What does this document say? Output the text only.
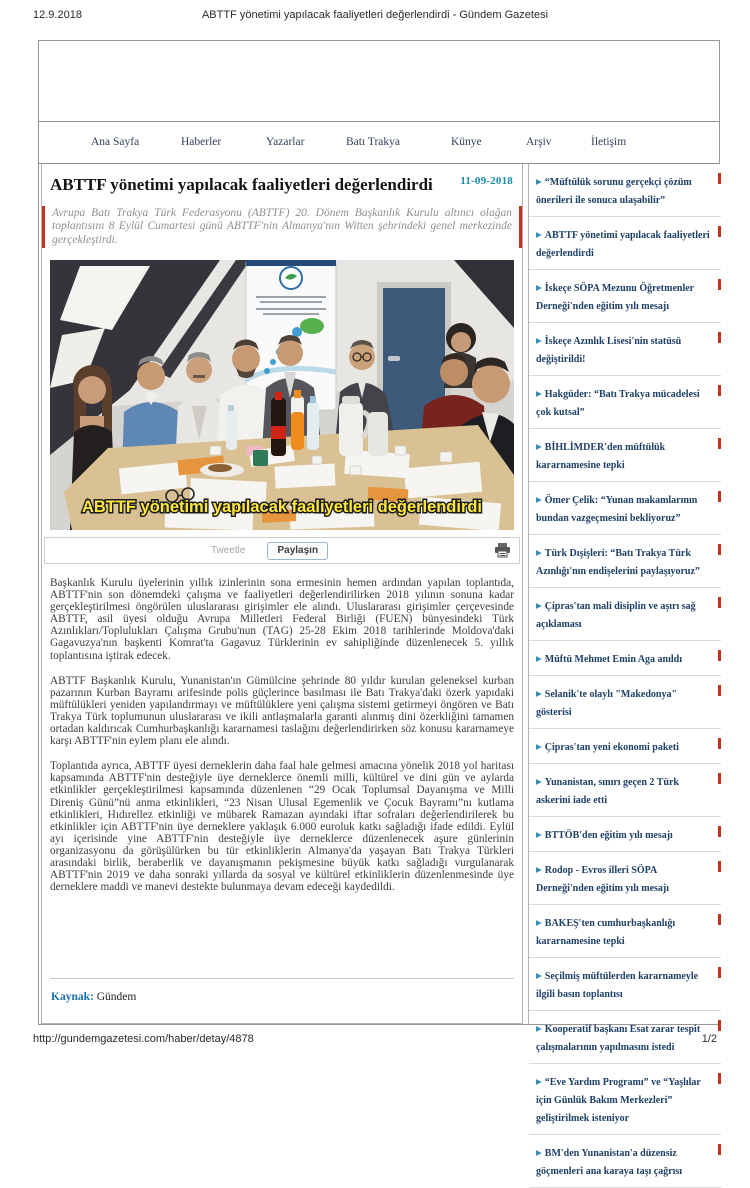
12.9.2018	ABTTF yönetimi yapılacak faaliyetleri değerlendirdi - Gündem Gazetesi
Ana Sayfa	Haberler	Yazarlar	Batı Trakya	Künye	Arşiv	İletişim
11-09-2018
ABTTF yönetimi yapılacak faaliyetleri değerlendirdi
Avrupa Batı Trakya Türk Federasyonu (ABTTF) 20. Dönem Başkanlık Kurulu altıncı olağan toplantısını 8 Eylül Cumartesi günü ABTTF'nin Almanya'nın Witten şehrindeki genel merkezinde gerçekleştirdi.
ABTTF yönetimi yapılacak faaliyetleri değerlendirdi
Tweetle	Paylaşın

Başkanlık Kurulu üyelerinin yıllık izinlerinin sona ermesinin hemen ardından yapılan toplantıda, ABTTF'nin son dönemdeki çalışma ve faaliyetleri değerlendirilirken 2018 yılının sonuna kadar gerçekleştirilmesi öngörülen uluslararası girişimler ele alındı. Uluslararası girişimler çerçevesinde ABTTF, asil üyesi olduğu Avrupa Milletleri Federal Birliği (FUEN) bünyesindeki Türk Azınlıkları/Toplulukları Çalışma Grubu'nun (TAG) 25-28 Ekim 2018 tarihlerinde Moldova'daki Gagavuzya'nın başkenti Komrat'ta Gagavuz Türklerinin ev sahipliğinde düzenlenecek 5. yıllık toplantısına iştirak edecek.

ABTTF Başkanlık Kurulu, Yunanistan'ın Gümülcine şehrinde 80 yıldır kurulan geleneksel kurban pazarının Kurban Bayramı arifesinde polis güçlerince basılması ile Batı Trakya'daki özerk yapıdaki müftülükleri yeniden yapılandırmayı ve müftülüklere yeni çalışma sistemi getirmeyi öngören ve Batı Trakya Türk toplumunun uluslararası ve ikili antlaşmalarla garanti alınmış dini özerkliğini tamamen ortadan kaldırıcak Cumhurbaşkanlığı kararnamesi taslağını değerlendirirken söz konusu kararnameye karşı ABTTF'nin eylem planı ele alındı.

Toplantıda ayrıca, ABTTF üyesi derneklerin daha faal hale gelmesi amacına yönelik 2018 yol haritası kapsamında ABTTF'nin desteğiyle üye derneklerce önemli milli, kültürel ve dini gün ve aylarda etkinlikler gerçekleştirilmesi kapsamında düzenlenen “29 Ocak Toplumsal Dayanışma ve Milli Direniş Günü”nü anma etkinlikleri, “23 Nisan Ulusal Egemenlik ve Çocuk Bayramı”nı kutlama etkinlikleri, Hıdırellez etkinliği ve mübarek Ramazan ayındaki iftar sofraları değerlendirilerek bu etkinlikler için ABTTF'nin üye derneklere yaklaşık 6.000 euroluk katkı sağladığı ifade edildi. Eylül ayı içerisinde yine ABTTF'nin desteğiyle üye derneklerce düzenlenecek aşure günlerinin organizasyonu da görüşülürken bu tür etkinliklerin Almanya'da yaşayan Batı Trakya Türkleri arasındaki birlik, beraberlik ve dayanışmanın pekişmesine büyük katkı sağladığı vurgulanarak ABTTF'nin 2019 ve daha sonraki yıllarda da sosyal ve kültürel etkinliklerin düzenlenmesinde üye derneklere maddi ve manevi destekte bulunmaya devam edeceği kaydedildi.

Kaynak: Gündem
▶ “Müftülük sorunu gerçekçi çözüm önerileri ile sonuca ulaşabilir”
▶ ABTTF yönetimi yapılacak faaliyetleri değerlendirdi
▶ İskeçe SÖPA Mezunu Öğretmenler Derneği'nden eğitim yılı mesajı
▶ İskeçe Azınlık Lisesi'nin statüsü değiştirildi!
▶ Hakgüder: “Batı Trakya mücadelesi çok kutsal”
▶ BİHLİMDER'den müftülük kararnamesine tepki
▶ Ömer Çelik: “Yunan makamlarının bundan vazgeçmesini bekliyoruz”
▶ Türk Dışişleri: “Batı Trakya Türk Azınlığı'nın endişelerini paylaşıyoruz”
▶ Çipras'tan mali disiplin ve aşırı sağ açıklaması
▶ Müftü Mehmet Emin Aga anıldı
▶ Selanik'te olaylı "Makedonya" gösterisi
▶ Çipras'tan yeni ekonomi paketi
▶ Yunanistan, sınırı geçen 2 Türk askerini iade etti
▶ BTTÖB'den eğitim yılı mesajı
▶ Rodop - Evros illeri SÖPA Derneği'nden eğitim yılı mesajı
▶ BAKEŞ'ten cumhurbaşkanlığı kararnamesine tepki
▶ Seçilmiş müftülerden kararnameyle ilgili basın toplantısı
▶ Kooperatif başkanı Esat zarar tespit çalışmalarının yapılmasını istedi
▶ “Eve Yardım Programı” ve “Yaşlılar için Günlük Bakım Merkezleri” geliştirilmek isteniyor
▶ BM'den Yunanistan'a düzensiz göçmenleri ana karaya taşı çağrısı
http://gundemgazetesi.com/haber/detay/4878	1/2
